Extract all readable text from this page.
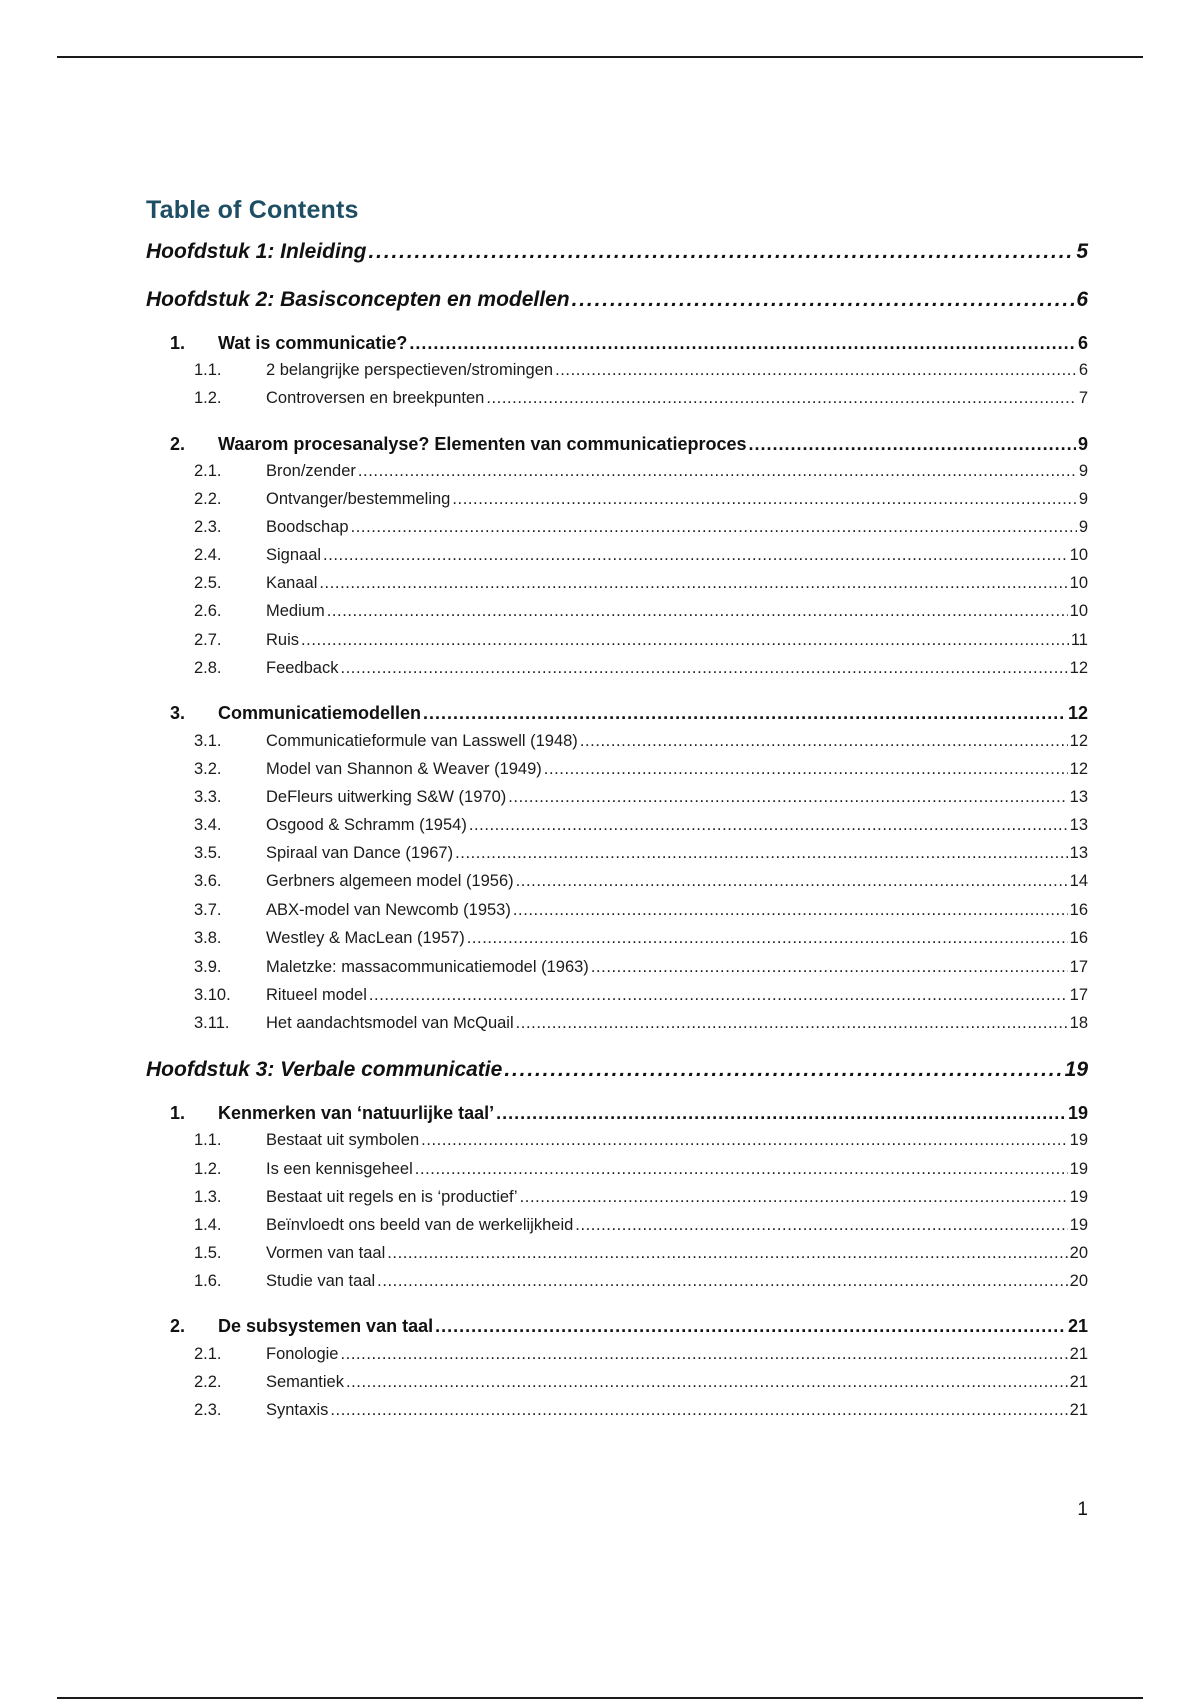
Table of Contents
Hoofdstuk 1: Inleiding . . .	5
Hoofdstuk 2: Basisconcepten en modellen . . .	6
1.	Wat is communicatie? . . .	6
1.1.	2 belangrijke perspectieven/stromingen . . .	6
1.2.	Controversen en breekpunten . . .	7
2.	Waarom procesanalyse? Elementen van communicatieproces . . .	9
2.1.	Bron/zender . . .	9
2.2.	Ontvanger/bestemmeling . . .	9
2.3.	Boodschap . . .	9
2.4.	Signaal . . .	10
2.5.	Kanaal . . .	10
2.6.	Medium . . .	10
2.7.	Ruis . . .	11
2.8.	Feedback . . .	12
3.	Communicatiemodellen . . .	12
3.1.	Communicatieformule van Lasswell (1948) . . .	12
3.2.	Model van Shannon & Weaver (1949) . . .	12
3.3.	DeFleurs uitwerking S&W (1970) . . .	13
3.4.	Osgood & Schramm (1954) . . .	13
3.5.	Spiraal van Dance (1967) . . .	13
3.6.	Gerbners algemeen model (1956) . . .	14
3.7.	ABX-model van Newcomb (1953) . . .	16
3.8.	Westley & MacLean (1957) . . .	16
3.9.	Maletzke: massacommunicatiemodel (1963) . . .	17
3.10.	Ritueel model . . .	17
3.11.	Het aandachtsmodel van McQuail . . .	18
Hoofdstuk 3: Verbale communicatie . . .	19
1.	Kenmerken van ‘natuurlijke taal’ . . .	19
1.1.	Bestaat uit symbolen . . .	19
1.2.	Is een kennisgeheel . . .	19
1.3.	Bestaat uit regels en is ‘productief’ . . .	19
1.4.	Beïnvloedt ons beeld van de werkelijkheid . . .	19
1.5.	Vormen van taal . . .	20
1.6.	Studie van taal . . .	20
2.	De subsystemen van taal . . .	21
2.1.	Fonologie . . .	21
2.2.	Semantiek . . .	21
2.3.	Syntaxis . . .	21
1
